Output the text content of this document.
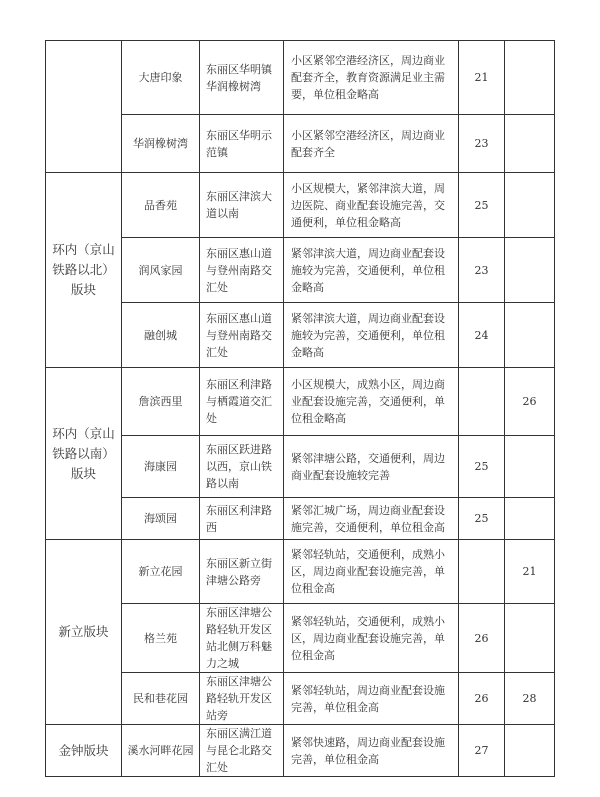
	大唐印象	东丽区华明镇华润橡树湾	小区紧邻空港经济区，周边商业配套齐全，教育资源满足业主需要，单位租金略高	21	
	华润橡树湾	东丽区华明示范镇	小区紧邻空港经济区，周边商业配套齐全	23	
环内（京山铁路以北）版块	品香苑	东丽区津滨大道以南	小区规模大，紧邻津滨大道，周边医院、商业配套设施完善，交通便利，单位租金略高	25	
	润风家园	东丽区惠山道与登州南路交汇处	紧邻津滨大道，周边商业配套设施较为完善，交通便利，单位租金略高	23	
	融创城	东丽区惠山道与登州南路交汇处	紧邻津滨大道，周边商业配套设施较为完善，交通便利，单位租金略高	24	
环内（京山铁路以南）版块	詹滨西里	东丽区利津路与栖霞道交汇处	小区规模大，成熟小区，周边商业配套设施完善，交通便利，单位租金略高		26
	海康园	东丽区跃进路以西，京山铁路以南	紧邻津塘公路，交通便利，周边商业配套设施较完善	25	
	海颂园	东丽区利津路西	紧邻汇城广场，周边商业配套设施完善，交通便利，单位租金高	25	
新立版块	新立花园	东丽区新立街津塘公路旁	紧邻轻轨站，交通便利，成熟小区，周边商业配套设施完善，单位租金高		21
	格兰苑	东丽区津塘公路轻轨开发区站北侧万科魅力之城	紧邻轻轨站，交通便利，成熟小区，周边商业配套设施完善，单位租金高	26	
	民和巷花园	东丽区津塘公路轻轨开发区站旁	紧邻轻轨站，周边商业配套设施完善，单位租金高	26	28
金钟版块	溪水河畔花园	东丽区满江道与昆仑北路交汇处	紧邻快速路，周边商业配套设施完善，单位租金高	27	
